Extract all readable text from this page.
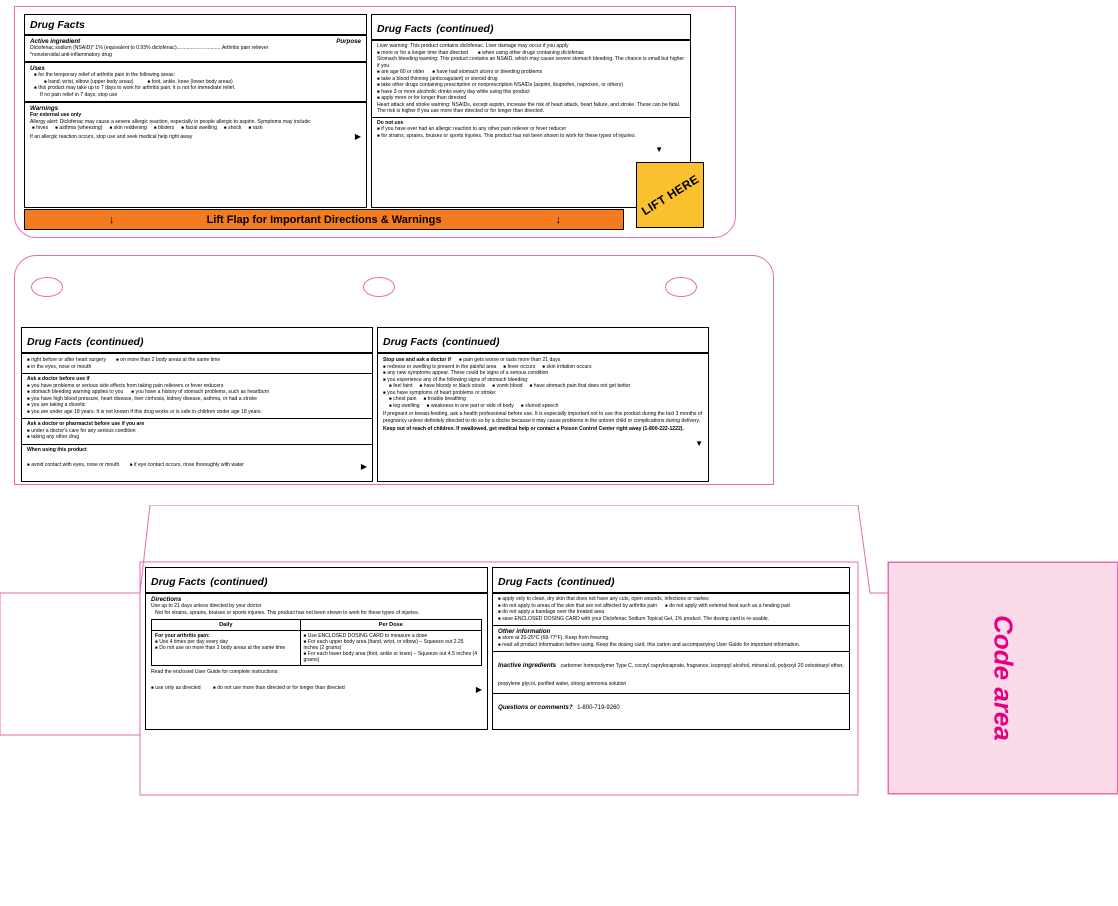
Drug Facts
Active ingredient	Purpose
Diclofenac sodium (NSAID)* 1% (equivalent to 0.93% diclofenac)................................Arthritis pain reliever
*nonsteroidal anti-inflammatory drug
Uses
■ for the temporary relief of arthritis pain in the following areas:
■ hand, wrist, elbow (upper body areas)	■ foot, ankle, knee (lower body areas)
■ this product may take up to 7 days to work for arthritis pain; it is not for immediate relief.
If no pain relief in 7 days, stop use
Warnings
For external use only
Allergy alert: Diclofenac may cause a severe allergic reaction, especially in people allergic to aspirin. Symptoms may include:
■ hives	■ asthma (wheezing)	■ skin reddening	■ blisters	■ facial swelling	■ shock	■ rash
If an allergic reaction occurs, stop use and seek medical help right away	▶
↓	Lift Flap for Important Directions & Warnings	↓
Drug Facts (continued)
Liver warning: This product contains diclofenac. Liver damage may occur if you apply
■ more or for a longer time than directed	■ when using other drugs containing diclofenac
Stomach bleeding warning: This product contains an NSAID, which may cause severe stomach bleeding. The chance is small but higher if you
■ are age 60 or older	■ have had stomach ulcers or bleeding problems
■ take a blood thinning (anticoagulant) or steroid drug
■ take other drugs containing prescription or nonprescription NSAIDs (aspirin, ibuprofen, naproxen, or others)
■ have 3 or more alcoholic drinks every day while using this product
■ apply more or for longer than directed
Heart attack and stroke warning: NSAIDs, except aspirin, increase the risk of heart attack, heart failure, and stroke. These can be fatal. The risk is higher if you use more than directed or for longer than directed.
Do not use
■ if you have ever had an allergic reaction to any other pain reliever or fever reducer
■ for strains, sprains, bruises or sports injuries. This product has not been shown to work for these types of injuries.
▼
LIFT HERE
Drug Facts (continued)
■ right before or after heart surgery	■ on more than 2 body areas at the same time
■ in the eyes, nose or mouth
Ask a doctor before use if
■ you have problems or serious side effects from taking pain relievers or fever reducers
■ stomach bleeding warning applies to you	■ you have a history of stomach problems, such as heartburn
■ you have high blood pressure, heart disease, liver cirrhosis, kidney disease, asthma, or had a stroke
■ you are taking a diuretic
■ you are under age 18 years. It is not known if this drug works or is safe in children under age 18 years.
Ask a doctor or pharmacist before use if you are
■ under a doctor's care for any serious condition
■ taking any other drug
When using this product
■ avoid contact with eyes, nose or mouth	■ if eye contact occurs, rinse thoroughly with water	▶
Drug Facts (continued)
Stop use and ask a doctor if	■ pain gets worse or lasts more than 21 days
■ redness or swelling is present in the painful area	■ fever occurs	■ skin irritation occurs
■ any new symptoms appear. These could be signs of a serious condition
■ you experience any of the following signs of stomach bleeding:
■ feel faint	■ have bloody or black stools	■ vomit blood	■ have stomach pain that does not get better
■ you have symptoms of heart problems or stroke:
■ chest pain	■ trouble breathing
■ leg swelling	■ weakness in one part or side of body	■ slurred speech
If pregnant or breast-feeding, ask a health professional before use. It is especially important not to use this product during the last 3 months of pregnancy unless definitely directed to do so by a doctor because it may cause problems in the unborn child or complications during delivery.
Keep out of reach of children. If swallowed, get medical help or contact a Poison Control Center right away (1-800-222-1222).
▼
Drug Facts (continued)
Directions
Use up to 21 days unless directed by your doctor
Not for strains, sprains, bruises or sports injuries. This product has not been shown to work for these types of injuries.
Daily	Per Dose

For your arthritis pain:
■ Use 4 times per day every day
■ Do not use on more than 2 body areas at the same time

■ Use ENCLOSED DOSING CARD to measure a dose
■ For each upper body area (hand, wrist, or elbow) – Squeeze out 2.25 inches (2 grams)
■ For each lower body area (foot, ankle or knee) – Squeeze out 4.5 inches (4 grams)
Read the enclosed User Guide for complete instructions:
■ use only as directed	■ do not use more than directed or for longer than directed	▶
Drug Facts (continued)
■ apply only to clean, dry skin that does not have any cuts, open wounds, infections or rashes
■ do not apply to areas of the skin that are not affected by arthritis pain	■ do not apply with external heat such as a heating pad
■ do not apply a bandage over the treated area
■ save ENCLOSED DOSING CARD with your Diclofenac Sodium Topical Gel, 1% product. The dosing card is re-usable.
Other information
■ store at 20-25°C (68-77°F). Keep from freezing.
■ read all product information before using. Keep the dosing card, this carton and accompanying User Guide for important information.
Inactive ingredients carbomer homopolymer Type C, cocoyl caprylocaprate, fragrance, isopropyl alcohol, mineral oil, polyoxyl 20 cetostearyl ether, propylene glycol, purified water, strong ammonia solution
Questions or comments? 1-800-719-9260	Code area
